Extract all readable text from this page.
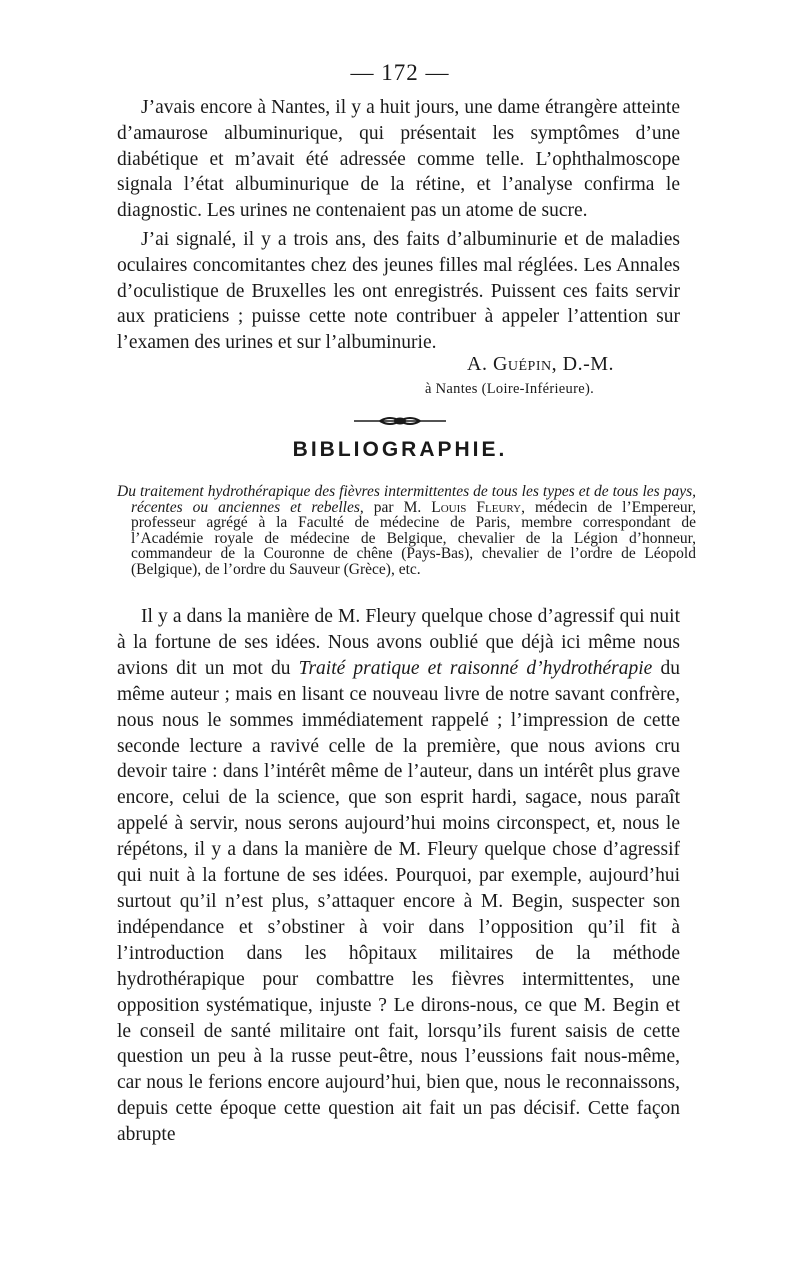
— 172 —

J’avais encore à Nantes, il y a huit jours, une dame étrangère atteinte d’amaurose albuminurique, qui présentait les symptômes d’une diabétique et m’avait été adressée comme telle. L’ophthalmoscope signala l’état albuminurique de la rétine, et l’analyse confirma le diagnostic. Les urines ne contenaient pas un atome de sucre.

J’ai signalé, il y a trois ans, des faits d’albuminurie et de maladies oculaires concomitantes chez des jeunes filles mal réglées. Les Annales d’oculistique de Bruxelles les ont enregistrés. Puissent ces faits servir aux praticiens ; puisse cette note contribuer à appeler l’attention sur l’examen des urines et sur l’albuminurie.

A. Guépin, D.-M.
à Nantes (Loire-Inférieure).
BIBLIOGRAPHIE.

Du traitement hydrothérapique des fièvres intermittentes de tous les types et de tous les pays, récentes ou anciennes et rebelles, par M. Louis Fleury, médecin de l’Empereur, professeur agrégé à la Faculté de médecine de Paris, membre correspondant de l’Académie royale de médecine de Belgique, chevalier de la Légion d’honneur, commandeur de la Couronne de chêne (Pays-Bas), chevalier de l’ordre de Léopold (Belgique), de l’ordre du Sauveur (Grèce), etc.

Il y a dans la manière de M. Fleury quelque chose d’agressif qui nuit à la fortune de ses idées. Nous avons oublié que déjà ici même nous avions dit un mot du Traité pratique et raisonné d’hydrothérapie du même auteur ; mais en lisant ce nouveau livre de notre savant confrère, nous nous le sommes immédiatement rappelé ; l’impression de cette seconde lecture a ravivé celle de la première, que nous avions cru devoir taire : dans l’intérêt même de l’auteur, dans un intérêt plus grave encore, celui de la science, que son esprit hardi, sagace, nous paraît appelé à servir, nous serons aujourd’hui moins circonspect, et, nous le répétons, il y a dans la manière de M. Fleury quelque chose d’agressif qui nuit à la fortune de ses idées. Pourquoi, par exemple, aujourd’hui surtout qu’il n’est plus, s’attaquer encore à M. Begin, suspecter son indépendance et s’obstiner à voir dans l’opposition qu’il fit à l’introduction dans les hôpitaux militaires de la méthode hydrothérapique pour combattre les fièvres intermittentes, une opposition systématique, injuste ? Le dirons-nous, ce que M. Begin et le conseil de santé militaire ont fait, lorsqu’ils furent saisis de cette question un peu à la russe peut-être, nous l’eussions fait nous-même, car nous le ferions encore aujourd’hui, bien que, nous le reconnaissons, depuis cette époque cette question ait fait un pas décisif. Cette façon abrupte
